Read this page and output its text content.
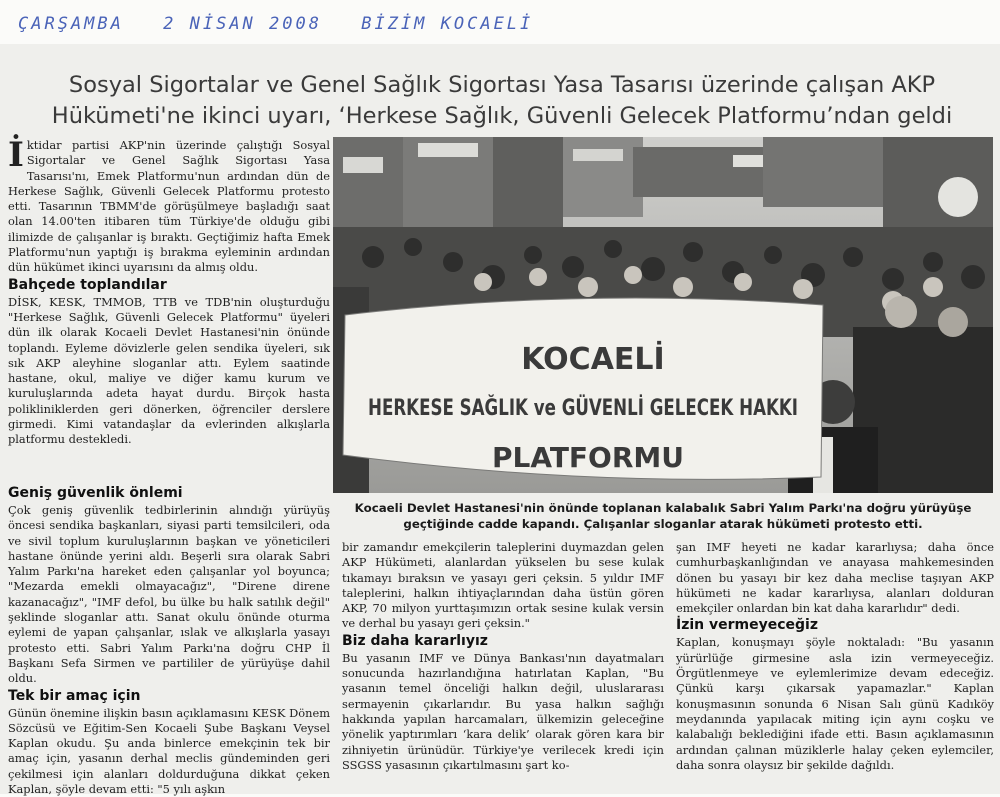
ÇARŞAMBA 2 NİSAN 2008 BİZİM KOCAELİ
Sosyal Sigortalar ve Genel Sağlık Sigortası Yasa Tasarısı üzerinde çalışan AKP
Hükümeti'ne ikinci uyarı, ‘Herkese Sağlık, Güvenli Gelecek Platformu’ndan geldi

İktidar partisi AKP'nin üzerinde çalıştığı Sosyal Sigortalar ve Genel Sağlık Sigortası Yasa Tasarısı'nı, Emek Platformu'nun ardından dün de Herkese Sağlık, Güvenli Gelecek Platformu protesto etti. Tasarının TBMM'de görüşülmeye başladığı saat olan 14.00'ten itibaren tüm Türkiye'de olduğu gibi ilimizde de çalışanlar iş bıraktı. Geçtiğimiz hafta Emek Platformu'nun yaptığı iş bırakma eyleminin ardından dün hükümet ikinci uyarısını da almış oldu.

Bahçede toplandılar

DİSK, KESK, TMMOB, TTB ve TDB'nin oluşturduğu "Herkese Sağlık, Güvenli Gelecek Platformu" üyeleri dün ilk olarak Kocaeli Devlet Hastanesi'nin önünde toplandı. Eyleme dövizlerle gelen sendika üyeleri, sık sık AKP aleyhine sloganlar attı. Eylem saatinde hastane, okul, maliye ve diğer kamu kurum ve kuruluşlarında adeta hayat durdu. Birçok hasta polikliniklerden geri dönerken, öğrenciler derslere girmedi. Kimi vatandaşlar da evlerinden alkışlarla platformu destekledi.

Geniş güvenlik önlemi

Çok geniş güvenlik tedbirlerinin alındığı yürüyüş öncesi sendika başkanları, siyasi parti temsilcileri, oda ve sivil toplum kuruluşlarının başkan ve yöneticileri hastane önünde yerini aldı. Beşerli sıra olarak Sabri Yalım Parkı'na hareket eden çalışanlar yol boyunca; "Mezarda emekli olmayacağız", "Direne direne kazanacağız", "IMF defol, bu ülke bu halk satılık değil" şeklinde sloganlar attı. Sanat okulu önünde oturma eylemi de yapan çalışanlar, ıslak ve alkışlarla yasayı protesto etti. Sabri Yalım Parkı'na doğru CHP İl Başkanı Sefa Sirmen ve partililer de yürüyüşe dahil oldu.

Tek bir amaç için

Günün önemine ilişkin basın açıklamasını KESK Dönem Sözcüsü ve Eğitim-Sen Kocaeli Şube Başkanı Veysel Kaplan okudu. Şu anda binlerce emekçinin tek bir amaç için, yasanın derhal meclis gündeminden geri çekilmesi için alanları doldurduğuna dikkat çeken Kaplan, şöyle devam etti: "5 yılı aşkın

KOCAELİ
HERKESE SAĞLIK ve GÜVENLİ GELECEK HAKKI
PLATFORMU
Kocaeli Devlet Hastanesi'nin önünde toplanan kalabalık Sabri Yalım Parkı'na doğru yürüyüşe
geçtiğinde cadde kapandı. Çalışanlar sloganlar atarak hükümeti protesto etti.

bir zamandır emekçilerin taleplerini duymazdan gelen AKP Hükümeti, alanlardan yükselen bu sese kulak tıkamayı bıraksın ve yasayı geri çeksin. 5 yıldır IMF taleplerini, halkın ihtiyaçlarından daha üstün gören AKP, 70 milyon yurttaşımızın ortak sesine kulak versin ve derhal bu yasayı geri çeksin."

Biz daha kararlıyız

Bu yasanın IMF ve Dünya Bankası'nın dayatmaları sonucunda hazırlandığına hatırlatan Kaplan, "Bu yasanın temel önceliği halkın değil, uluslararası sermayenin çıkarlarıdır. Bu yasa halkın sağlığı hakkında yapılan harcamaları, ülkemizin geleceğine yönelik yaptırımları ‘kara delik’ olarak gören kara bir zihniyetin ürünüdür. Türkiye'ye verilecek kredi için SSGSS yasasının çıkartılmasını şart ko-

şan IMF heyeti ne kadar kararlıysa; daha önce cumhurbaşkanlığından ve anayasa mahkemesinden dönen bu yasayı bir kez daha meclise taşıyan AKP hükümeti ne kadar kararlıysa, alanları dolduran emekçiler onlardan bin kat daha kararlıdır" dedi.

İzin vermeyeceğiz

Kaplan, konuşmayı şöyle noktaladı: "Bu yasanın yürürlüğe girmesine asla izin vermeyeceğiz. Örgütlenmeye ve eylemlerimize devam edeceğiz. Çünkü karşı çıkarsak yapamazlar." Kaplan konuşmasının sonunda 6 Nisan Salı günü Kadıköy meydanında yapılacak miting için aynı coşku ve kalabalığı beklediğini ifade etti. Basın açıklamasının ardından çalınan müziklerle halay çeken eylemciler, daha sonra olaysız bir şekilde dağıldı.
